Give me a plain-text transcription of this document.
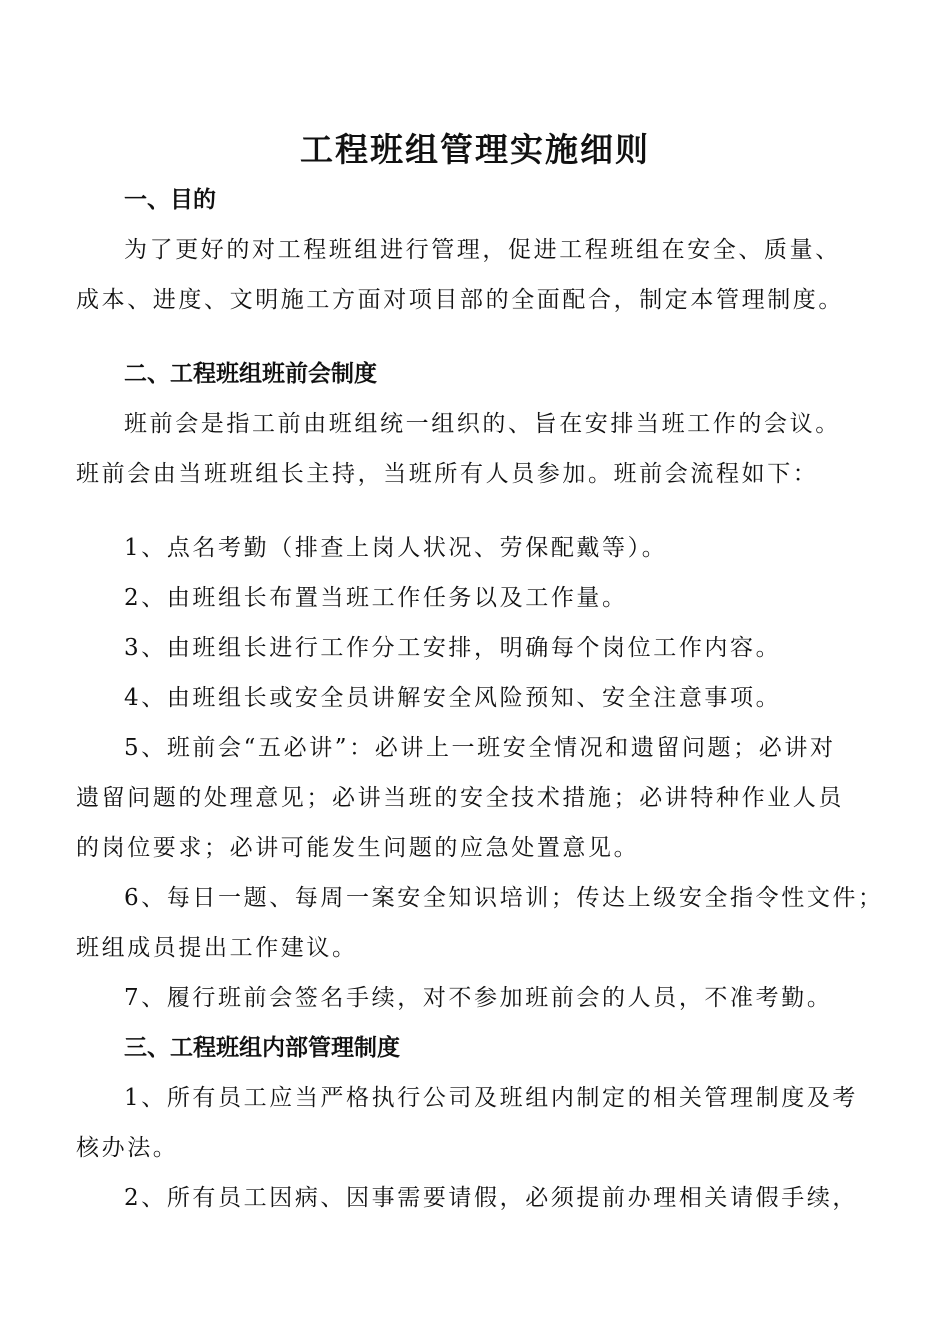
工程班组管理实施细则
一、目的
为了更好的对工程班组进行管理，促进工程班组在安全、质量、
成本、进度、文明施工方面对项目部的全面配合，制定本管理制度。
二、工程班组班前会制度
班前会是指工前由班组统一组织的、旨在安排当班工作的会议。
班前会由当班班组长主持，当班所有人员参加。班前会流程如下：
1、点名考勤（排查上岗人状况、劳保配戴等）。
2、由班组长布置当班工作任务以及工作量。
3、由班组长进行工作分工安排，明确每个岗位工作内容。
4、由班组长或安全员讲解安全风险预知、安全注意事项。
5、班前会“五必讲”：必讲上一班安全情况和遗留问题；必讲对
遗留问题的处理意见；必讲当班的安全技术措施；必讲特种作业人员
的岗位要求；必讲可能发生问题的应急处置意见。
6、每日一题、每周一案安全知识培训；传达上级安全指令性文件；
班组成员提出工作建议。
7、履行班前会签名手续，对不参加班前会的人员，不准考勤。
三、工程班组内部管理制度
1、所有员工应当严格执行公司及班组内制定的相关管理制度及考
核办法。
2、所有员工因病、因事需要请假，必须提前办理相关请假手续，
